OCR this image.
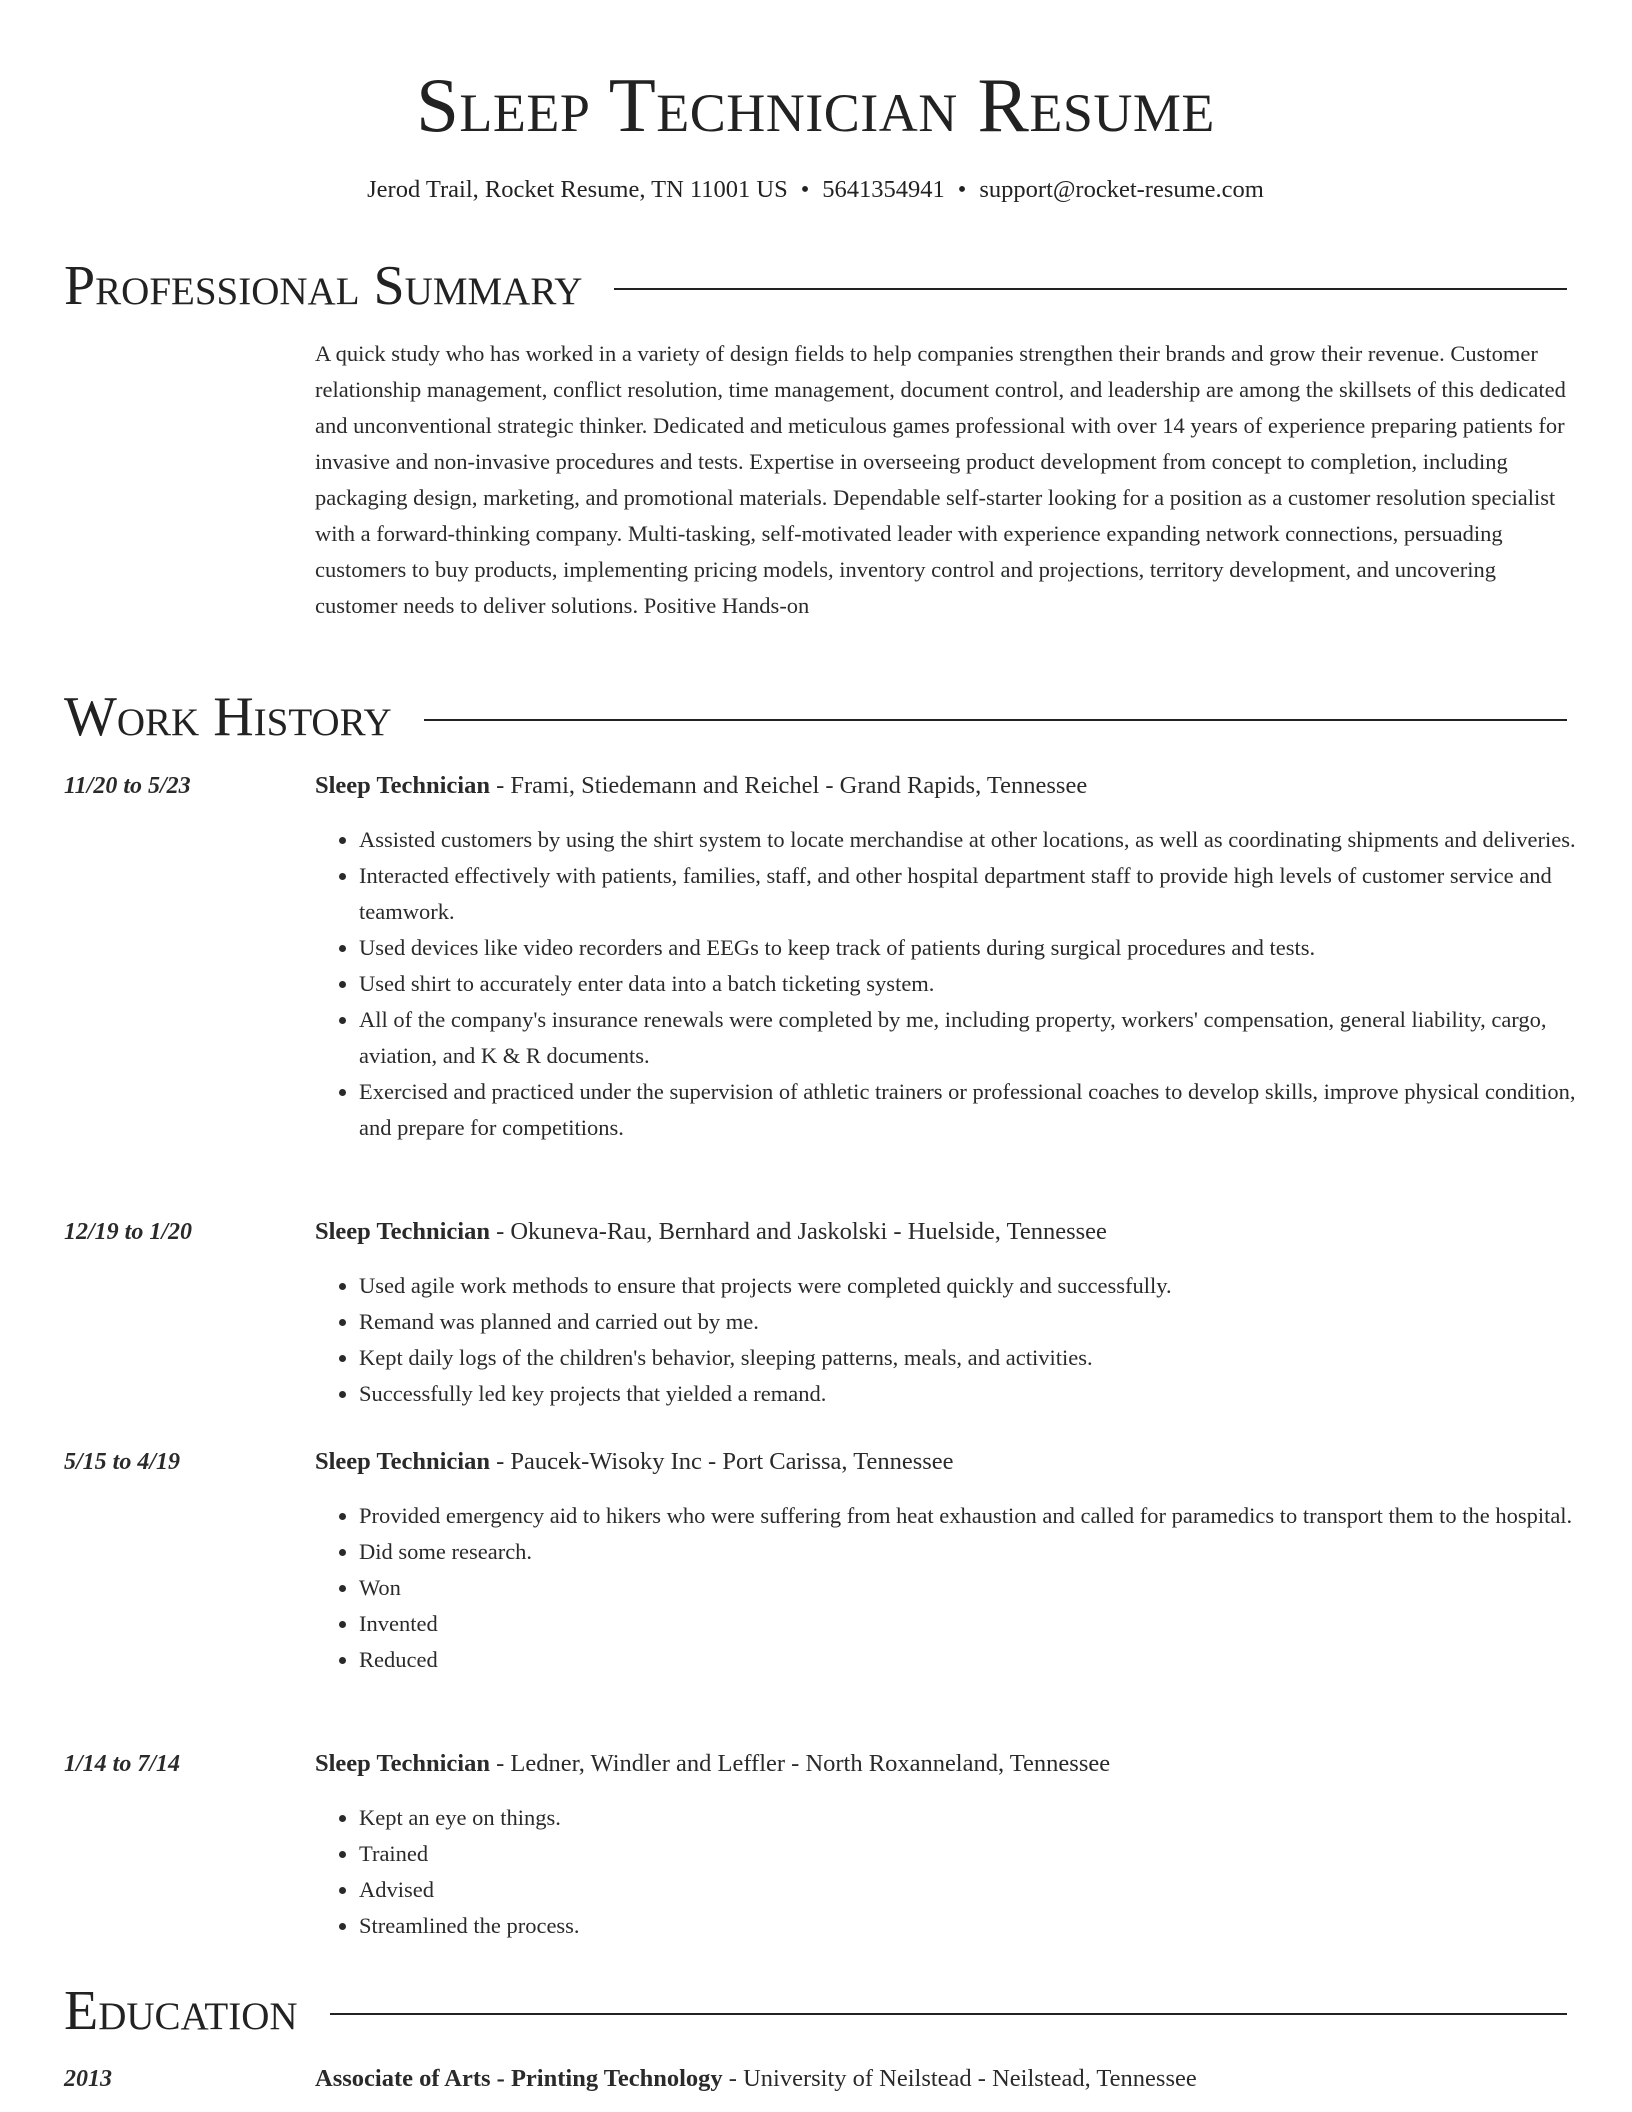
Sleep Technician Resume
Jerod Trail, Rocket Resume, TN 11001 US • 5641354941 • support@rocket-resume.com
Professional Summary

A quick study who has worked in a variety of design fields to help companies strengthen their brands and grow their revenue. Customer relationship management, conflict resolution, time management, document control, and leadership are among the skillsets of this dedicated and unconventional strategic thinker. Dedicated and meticulous games professional with over 14 years of experience preparing patients for invasive and non-invasive procedures and tests. Expertise in overseeing product development from concept to completion, including packaging design, marketing, and promotional materials. Dependable self-starter looking for a position as a customer resolution specialist with a forward-thinking company. Multi-tasking, self-motivated leader with experience expanding network connections, persuading customers to buy products, implementing pricing models, inventory control and projections, territory development, and uncovering customer needs to deliver solutions. Positive Hands-on

Work History
11/20 to 5/23	Sleep Technician - Frami, Stiedemann and Reichel - Grand Rapids, Tennessee
• Assisted customers by using the shirt system to locate merchandise at other locations, as well as coordinating shipments and deliveries.
• Interacted effectively with patients, families, staff, and other hospital department staff to provide high levels of customer service and teamwork.
• Used devices like video recorders and EEGs to keep track of patients during surgical procedures and tests.
• Used shirt to accurately enter data into a batch ticketing system.
• All of the company's insurance renewals were completed by me, including property, workers' compensation, general liability, cargo, aviation, and K & R documents.
• Exercised and practiced under the supervision of athletic trainers or professional coaches to develop skills, improve physical condition, and prepare for competitions.
12/19 to 1/20	Sleep Technician - Okuneva-Rau, Bernhard and Jaskolski - Huelside, Tennessee
• Used agile work methods to ensure that projects were completed quickly and successfully.
• Remand was planned and carried out by me.
• Kept daily logs of the children's behavior, sleeping patterns, meals, and activities.
• Successfully led key projects that yielded a remand.
5/15 to 4/19	Sleep Technician - Paucek-Wisoky Inc - Port Carissa, Tennessee
• Provided emergency aid to hikers who were suffering from heat exhaustion and called for paramedics to transport them to the hospital.
• Did some research.
• Won
• Invented
• Reduced
1/14 to 7/14	Sleep Technician - Ledner, Windler and Leffler - North Roxanneland, Tennessee
• Kept an eye on things.
• Trained
• Advised
• Streamlined the process.
Education
2013	Associate of Arts - Printing Technology - University of Neilstead - Neilstead, Tennessee
